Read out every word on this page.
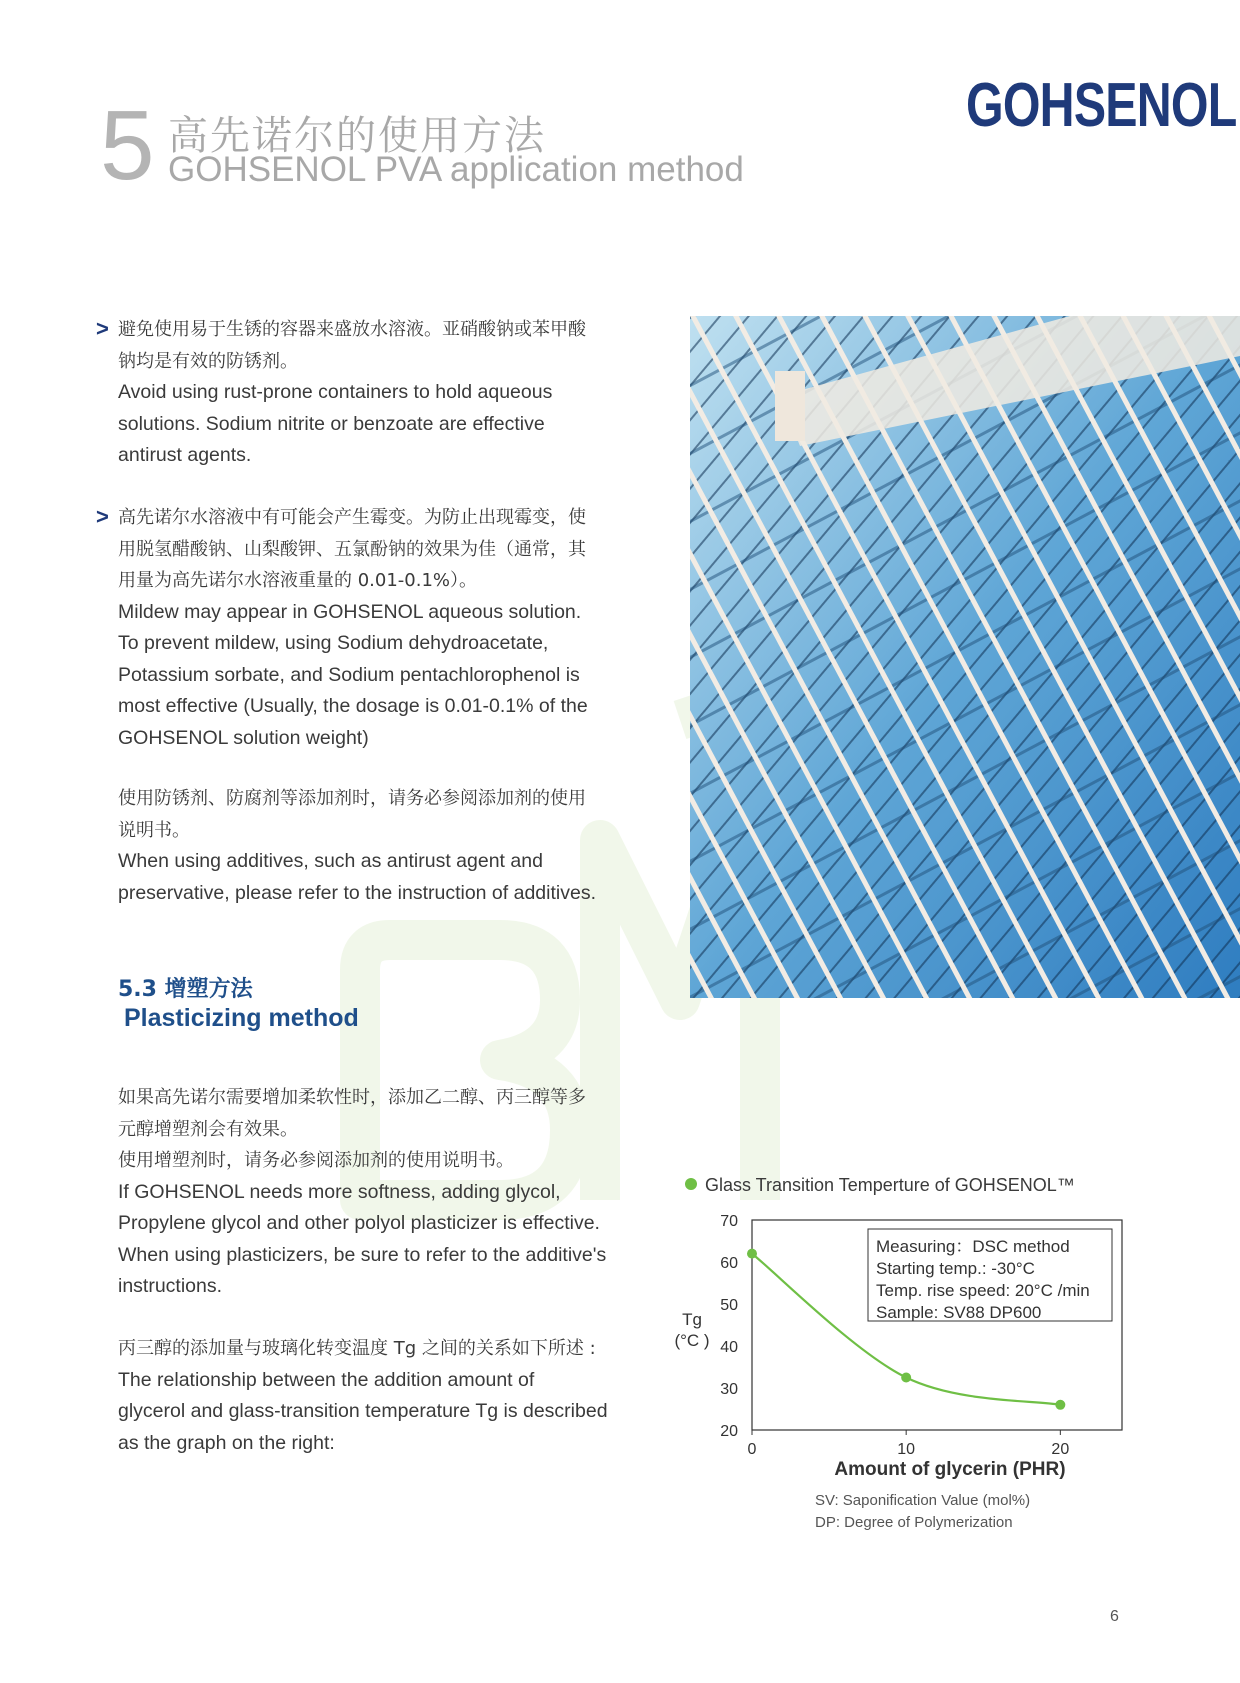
5 高先诺尔的使用方法
GOHSENOL PVA application method
GOHSENOL
> 避免使用易于生锈的容器来盛放水溶液。亚硝酸钠或苯甲酸
钠均是有效的防锈剂。
Avoid using rust-prone containers to hold aqueous
solutions. Sodium nitrite or benzoate are effective
antirust agents.
> 高先诺尔水溶液中有可能会产生霉变。为防止出现霉变，使
用脱氢醋酸钠、山梨酸钾、五氯酚钠的效果为佳（通常，其
用量为高先诺尔水溶液重量的 0.01-0.1%）。
Mildew may appear in GOHSENOL aqueous solution.
To prevent mildew, using Sodium dehydroacetate,
Potassium sorbate, and Sodium pentachlorophenol is
most effective (Usually, the dosage is 0.01-0.1% of the
GOHSENOL solution weight)
使用防锈剂、防腐剂等添加剂时，请务必参阅添加剂的使用
说明书。
When using additives, such as antirust agent and
preservative, please refer to the instruction of additives.
5.3 增塑方法
Plasticizing method
如果高先诺尔需要增加柔软性时，添加乙二醇、丙三醇等多
元醇增塑剂会有效果。
使用增塑剂时，请务必参阅添加剂的使用说明书。
If GOHSENOL needs more softness, adding glycol,
Propylene glycol and other polyol plasticizer is effective.
When using plasticizers, be sure to refer to the additive's
instructions.
丙三醇的添加量与玻璃化转变温度 Tg 之间的关系如下所述 :
The relationship between the addition amount of
glycerol and glass-transition temperature Tg is described
as the graph on the right:
Glass Transition Temperture of GOHSENOL™
20
30
40
50
60
70
0	10	20
Measuring：DSC method
Starting temp.: -30°C
Temp. rise speed: 20°C /min
Sample: SV88 DP600
Tg
(°C )
Amount of glycerin (PHR)
SV: Saponification Value (mol%)
DP: Degree of Polymerization
6
